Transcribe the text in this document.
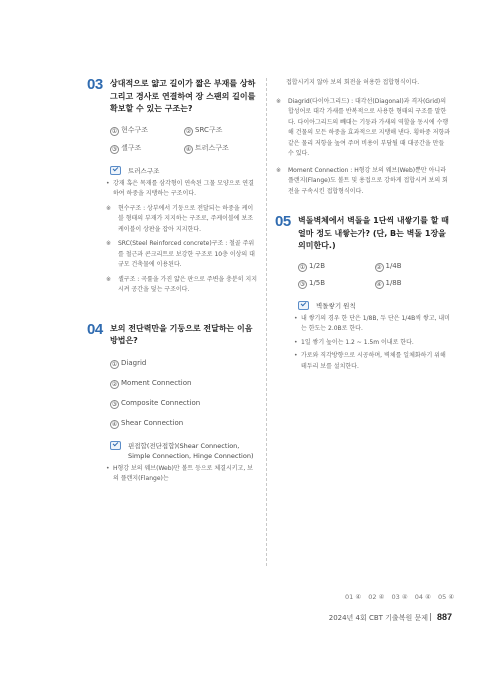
03 상대적으로 얇고 길이가 짧은 부재를 상하 그리고 경사로 연결하여 장 스팬의 길이를 확보할 수 있는 구조는?
① 현수구조	② SRC구조
③ 셸구조	④ 트러스구조
트러스구조
• 강재 혹은 목재를 삼각형이 연속된 그물 모양으로 연결하여 하중을 지탱하는 구조이다.
※ 현수구조 : 상부에서 기둥으로 전달되는 하중을 케이블 형태의 부재가 지지하는 구조로, 주케이블에 보조 케이블이 상판을 잡아 지지한다.
※ SRC(Steel Reinforced concrete)구조 : 철골 주위를 철근과 콘크리트로 보강한 구조로 10층 이상의 대규모 건축물에 이용된다.
※ 셸구조 : 곡률을 가진 얇은 판으로 주변을 충분히 지지시켜 공간을 덮는 구조이다.
04 보의 전단력만을 기둥으로 전달하는 이음 방법은?
① Diagrid
② Moment Connection
③ Composite Connection
④ Shear Connection
핀접합(전단접합)(Shear Connection, Simple Connection, Hinge Connection)
• H형강 보의 웨브(Web)만 볼트 등으로 체결시키고, 보의 플랜지(Flange)는
접합시키지 않아 보의 회전을 허용한 접합형식이다.
※ Diagrid(다이아그리드) : 대각선(Diagonal)과 격자(Grid)의 합성어로 대각 가새를 반복적으로 사용한 형태의 구조를 말한다. 다이아그리드의 빼대는 기둥과 가새의 역할을 동시에 수행해 건물의 모든 하중을 효과적으로 지탱해 낸다. 횡하중 저항과 같은 물리 저항을 높여 주며 비용이 부담될 때 대공간을 만들 수 있다.
※ Moment Connection : H형강 보의 웨브(Web)뿐만 아니라 플랜지(Flange)도 볼트 및 용접으로 강하게 접합시켜 보의 회전을 구속시킨 접합형식이다.
05 벽돌벽체에서 벽돌을 1단씩 내쌓기를 할 때 얼마 정도 내쌓는가? (단, B는 벽돌 1장을 의미한다.)
① 1/2B	② 1/4B
③ 1/5B	④ 1/8B
벽돌쌓기 원칙
• 내 쌓기의 경우 한 단은 1/8B, 두 단은 1/4B씩 쌓고, 내미는 한도는 2.0B로 한다.
• 1일 쌓기 높이는 1.2 ~ 1.5m 이내로 한다.
• 가로와 직각방향으로 시공하며, 벽체를 일체화하기 위해 테두리 보를 설치한다.
01 ④ 02 ④ 03 ④ 04 ④ 05 ④
2024년 4회 CBT 기출복원 문제 887
